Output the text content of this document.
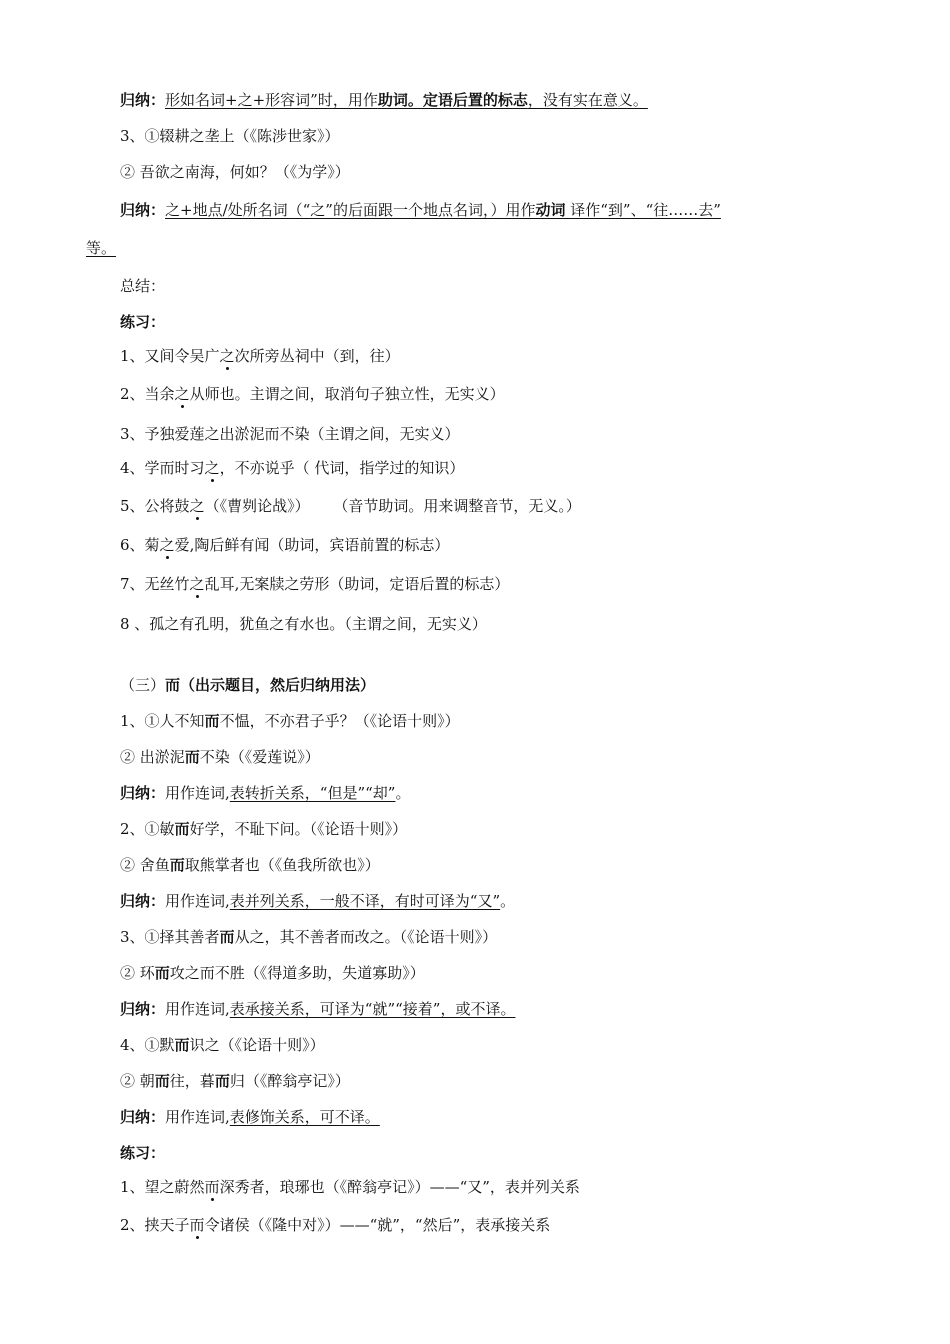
归纳：形如名词+之+形容词”时，用作助词。定语后置的标志，没有实在意义。
3、①辍耕之垄上（《陈涉世家》）
② 吾欲之南海，何如？（《为学》）
归纳：之+地点/处所名词（“之”的后面跟一个地点名词，）用作动词 译作“到”、“往……去”
等。
总结：
练习：
1、又间令吴广之次所旁丛祠中（到，往）
2、当余之从师也。主谓之间，取消句子独立性，无实义）
3、予独爱莲之出淤泥而不染（主谓之间，无实义）
4、学而时习之，不亦说乎（ 代词，指学过的知识）
5、公将鼓之（《曹刿论战》）     （音节助词。用来调整音节，无义。）
6、菊之爱,陶后鲜有闻（助词，宾语前置的标志）
7、无丝竹之乱耳,无案牍之劳形（助词，定语后置的标志）
8 、孤之有孔明，犹鱼之有水也。（主谓之间，无实义）
（三）而（出示题目，然后归纳用法）
1、①人不知而不愠，不亦君子乎？（《论语十则》）
② 出淤泥而不染（《爱莲说》）
归纳：用作连词,表转折关系，“但是”“却”。
2、①敏而好学，不耻下问。（《论语十则》）
② 舍鱼而取熊掌者也（《鱼我所欲也》）
归纳：用作连词,表并列关系，一般不译，有时可译为“又”。
3、①择其善者而从之，其不善者而改之。（《论语十则》）
② 环而攻之而不胜（《得道多助，失道寡助》）
归纳：用作连词,表承接关系，可译为“就”“接着”，或不译。
4、①默而识之（《论语十则》）
② 朝而往，暮而归（《醉翁亭记》）
归纳：用作连词,表修饰关系，可不译。
练习：
1、望之蔚然而深秀者，琅琊也（《醉翁亭记》）——“又”，表并列关系
2、挟天子而令诸侯（《隆中对》）——“就”，“然后”，表承接关系
